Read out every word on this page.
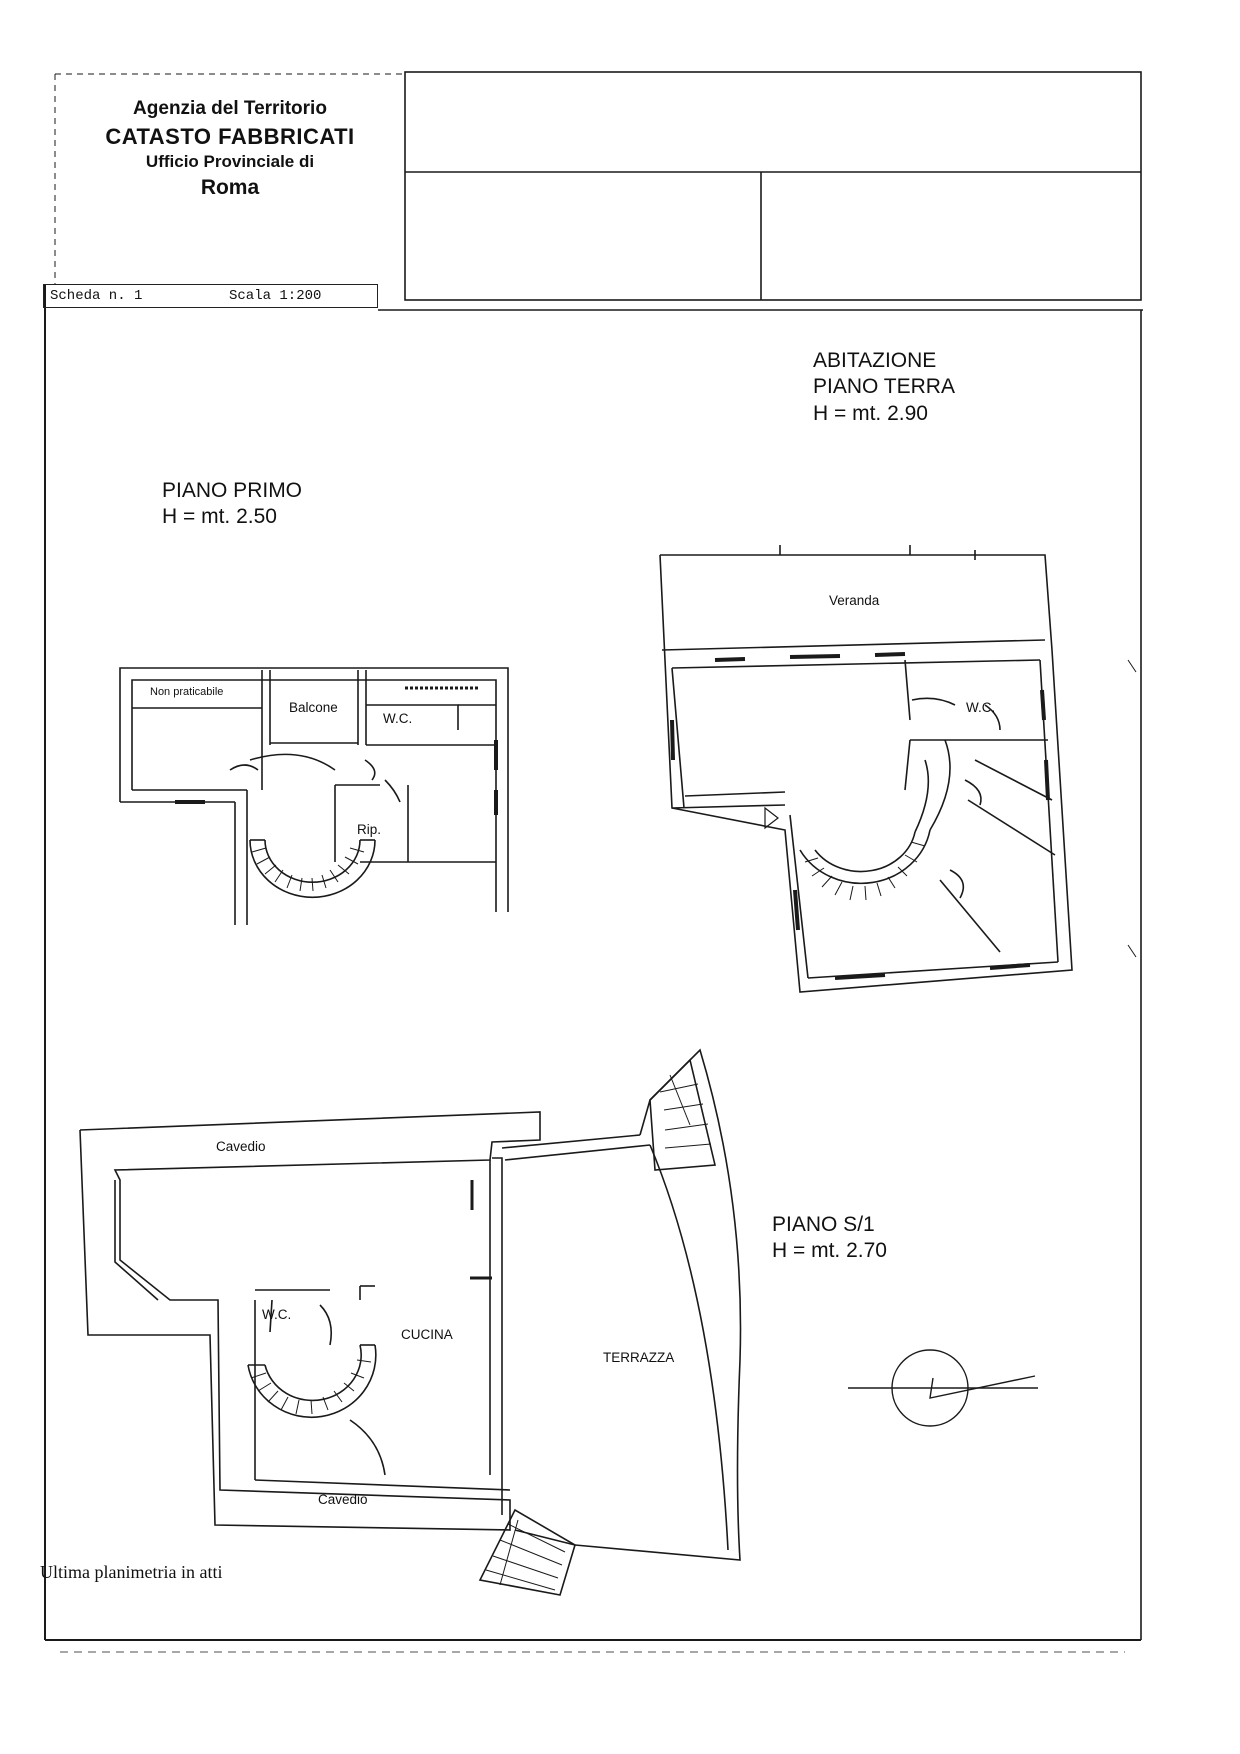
Agenzia del Territorio
CATASTO FABBRICATI
Ufficio Provinciale di
Roma
Scheda n. 1	Scala 1:200
ABITAZIONE
PIANO TERRA
H = mt. 2.90
PIANO PRIMO
H = mt. 2.50
PIANO S/1
H = mt. 2.70
Non praticabile
Balcone
W.C.
Rip.
Veranda
W.C.
Cavedio
W.C.
CUCINA
TERRAZZA
Cavedio
Ultima planimetria in atti
